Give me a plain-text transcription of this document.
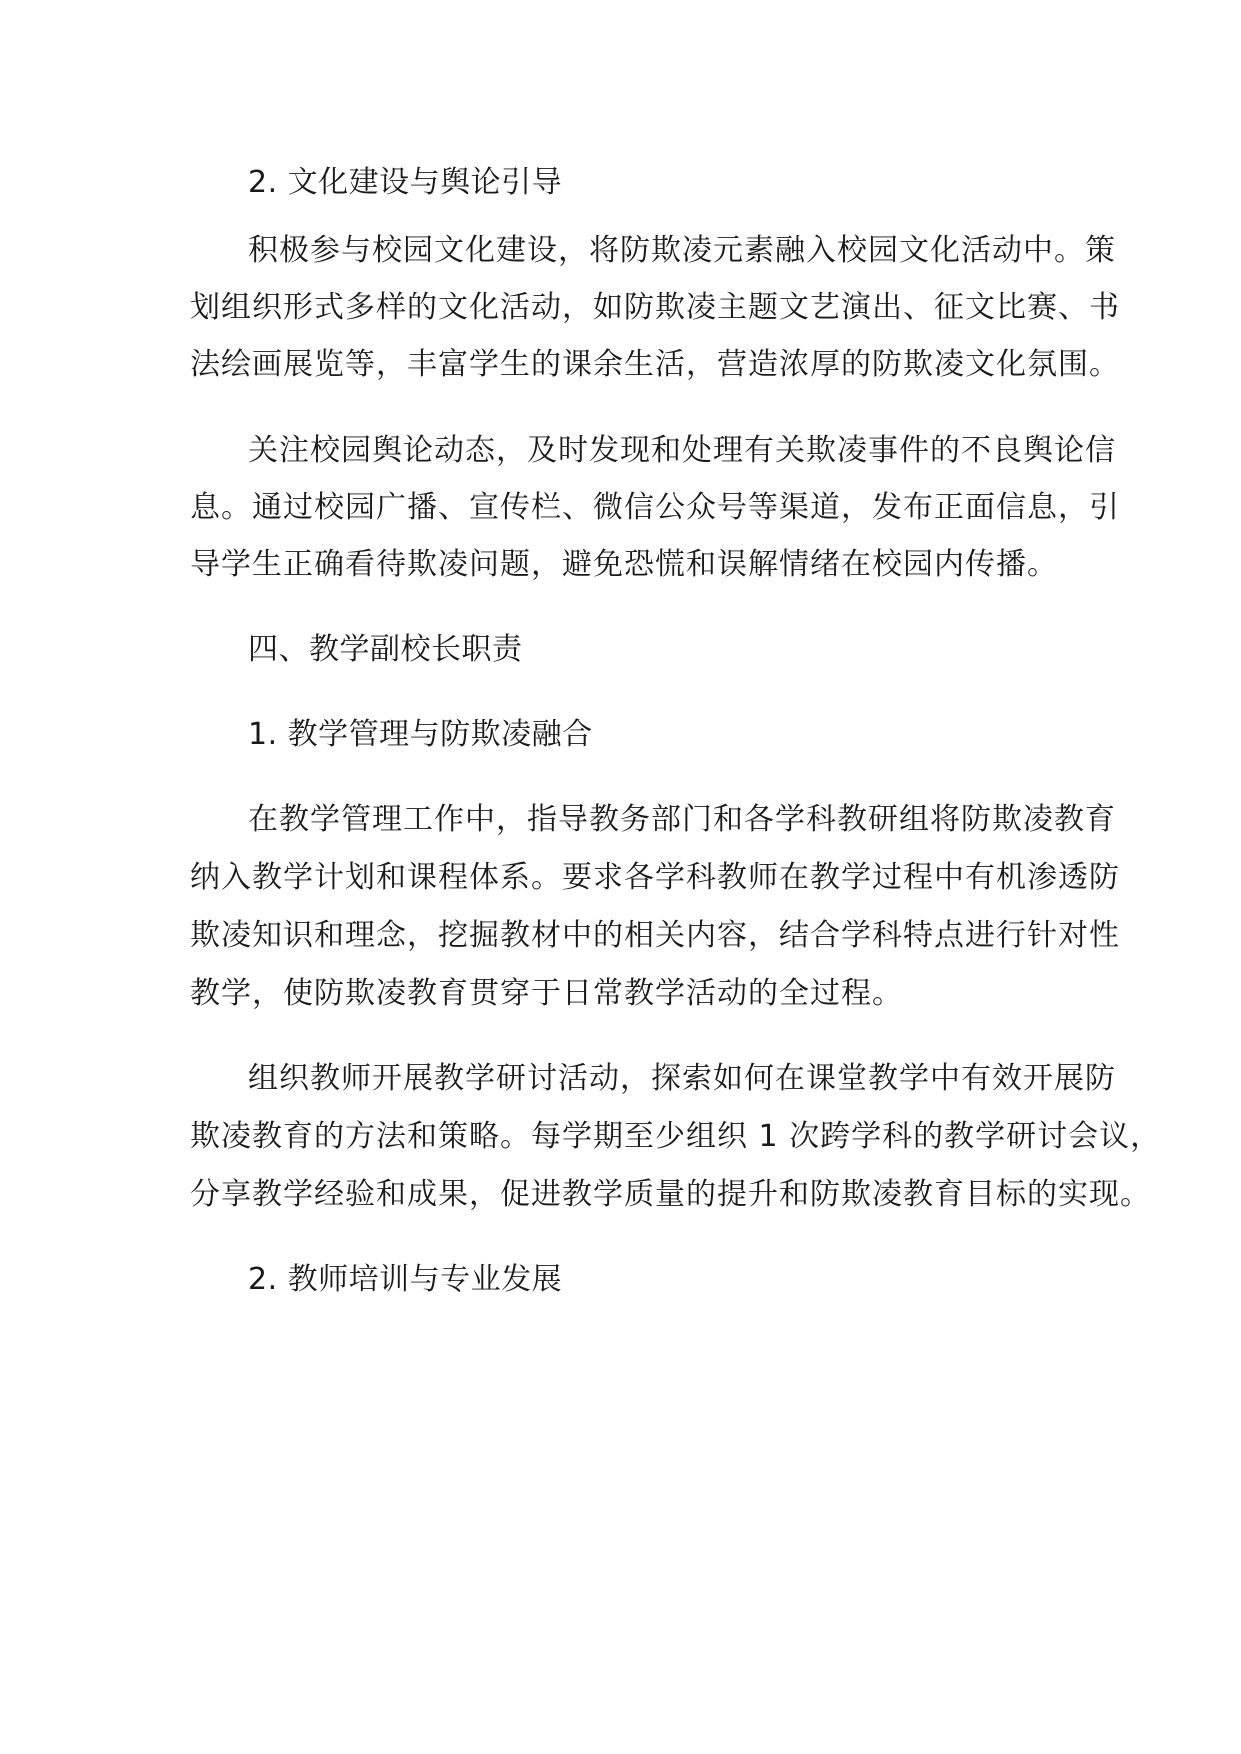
2. 文化建设与舆论引导
积极参与校园文化建设，将防欺凌元素融入校园文化活动中。策
划组织形式多样的文化活动，如防欺凌主题文艺演出、征文比赛、书
法绘画展览等，丰富学生的课余生活，营造浓厚的防欺凌文化氛围。
关注校园舆论动态，及时发现和处理有关欺凌事件的不良舆论信
息。通过校园广播、宣传栏、微信公众号等渠道，发布正面信息，引
导学生正确看待欺凌问题，避免恐慌和误解情绪在校园内传播。
四、教学副校长职责
1. 教学管理与防欺凌融合
在教学管理工作中，指导教务部门和各学科教研组将防欺凌教育
纳入教学计划和课程体系。要求各学科教师在教学过程中有机渗透防
欺凌知识和理念，挖掘教材中的相关内容，结合学科特点进行针对性
教学，使防欺凌教育贯穿于日常教学活动的全过程。
组织教师开展教学研讨活动，探索如何在课堂教学中有效开展防
欺凌教育的方法和策略。每学期至少组织 1 次跨学科的教学研讨会议，
分享教学经验和成果，促进教学质量的提升和防欺凌教育目标的实现。
2. 教师培训与专业发展
